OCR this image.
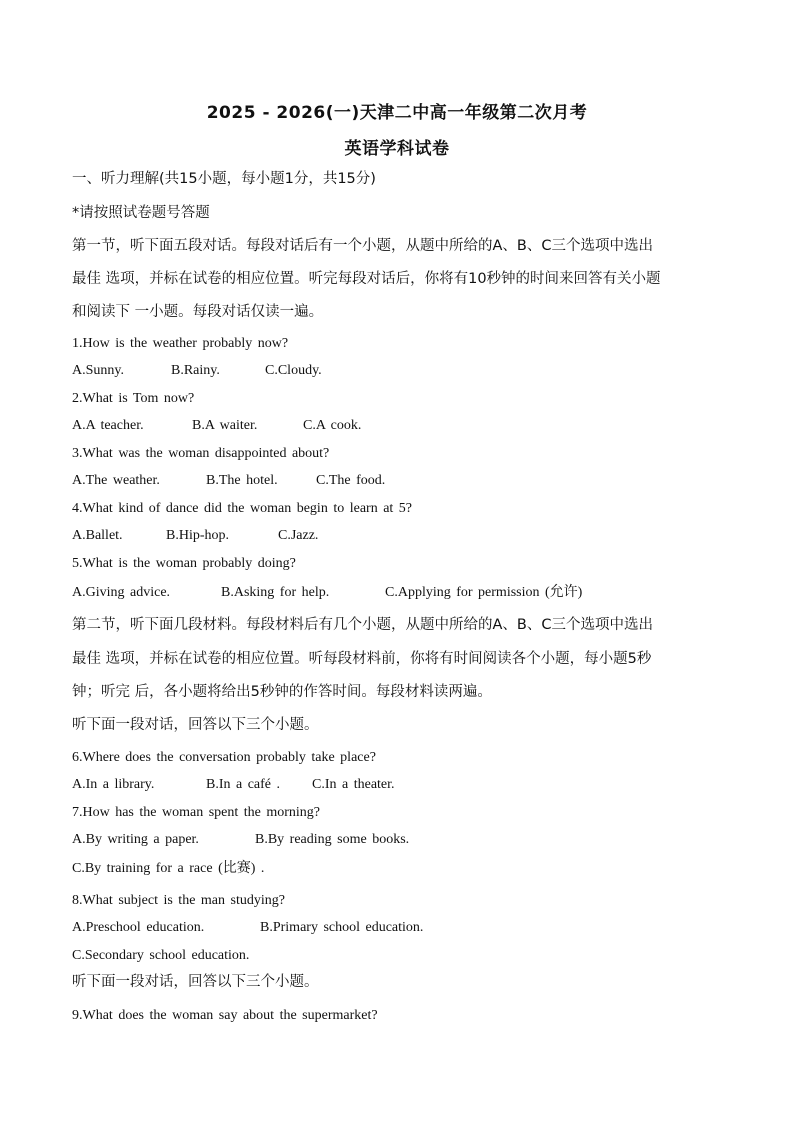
2025 - 2026(一)天津二中高一年级第二次月考
英语学科试卷
一、听力理解(共15小题，每小题1分，共15分)
*请按照试卷题号答题
第一节，听下面五段对话。每段对话后有一个小题，从题中所给的A、B、C三个选项中选出
最佳 选项，并标在试卷的相应位置。听完每段对话后，你将有10秒钟的时间来回答有关小题
和阅读下 一小题。每段对话仅读一遍。
1.How is the weather probably now?
A.Sunny.	B.Rainy.	C.Cloudy.
2.What is Tom now?
A.A teacher.	B.A waiter.	C.A cook.
3.What was the woman disappointed about?
A.The weather.	B.The hotel.	C.The food.
4.What kind of dance did the woman begin to learn at 5?
A.Ballet.	B.Hip-hop.	C.Jazz.
5.What is the woman probably doing?
A.Giving advice.	B.Asking for help.	C.Applying for permission (允许)
第二节，听下面几段材料。每段材料后有几个小题，从题中所给的A、B、C三个选项中选出
最佳 选项，并标在试卷的相应位置。听每段材料前，你将有时间阅读各个小题，每小题5秒
钟；听完 后，各小题将给出5秒钟的作答时间。每段材料读两遍。
听下面一段对话，回答以下三个小题。
6.Where does the conversation probably take place?
A.In a library.	B.In a café . C.In a theater.
7.How has the woman spent the morning?
A.By writing a paper.	B.By reading some books.
C.By training for a race (比赛) .
8.What subject is the man studying?
A.Preschool education.	B.Primary school education.
C.Secondary school education.
听下面一段对话，回答以下三个小题。
9.What does the woman say about the supermarket?
